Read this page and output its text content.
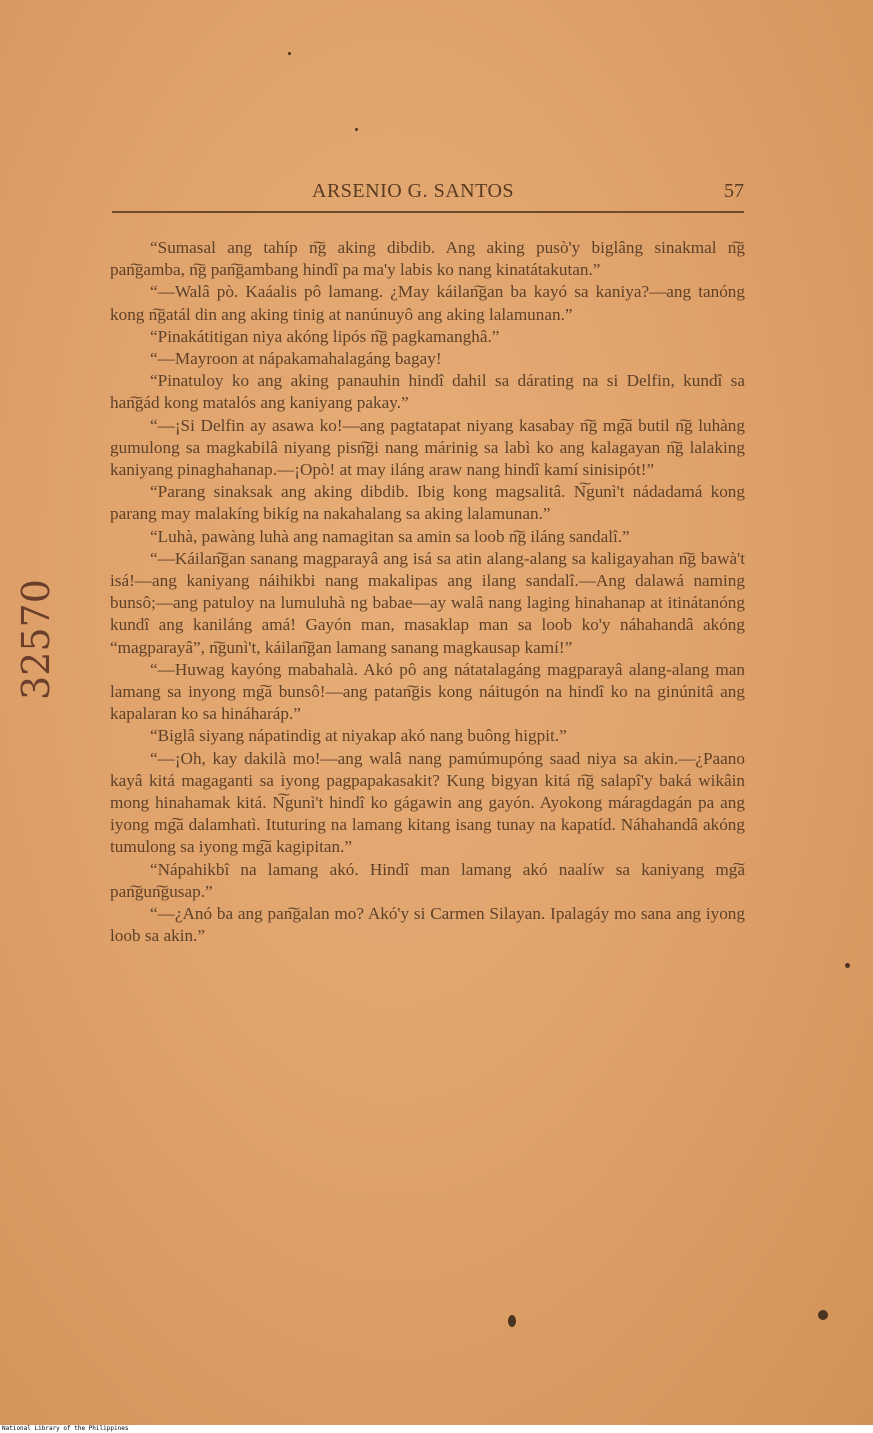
ARSENIO G. SANTOS	57
32570

“Sumasal ang tahíp n͠g aking dibdib. Ang aking pusò'y biglâng sinakmal n͠g pan͠gamba, n͠g pan͠gambang hindî pa ma'y labis ko nang kinatátakutan.”

“—Walâ pò. Kaáalis pô lamang. ¿May káilan͠gan ba kayó sa kaniya?—ang tanóng kong n͠gatál din ang aking tinig at nanúnuyô ang aking lalamunan.”

“Pinakátitigan niya akóng lipós n͠g pagkamanghâ.”

“—Mayroon at nápakamahalagáng bagay!

“Pinatuloy ko ang aking panauhin hindî dahil sa dárating na si Delfin, kundî sa han͠gád kong matalós ang kaniyang pakay.”

“—¡Si Delfin ay asawa ko!—ang pagtatapat niyang kasabay n͠g mg͠a butil n͠g luhàng gumulong sa magkabilâ niyang pisn͠gi nang márinig sa labì ko ang kalagayan n͠g lalaking kaniyang pinaghahanap.—¡Opò! at may iláng araw nang hindî kamí sinisipót!”

“Parang sinaksak ang aking dibdib. Ibig kong magsalitâ. N͠gunì't nádadamá kong parang may malakíng bikíg na nakahalang sa aking lalamunan.”

“Luhà, pawàng luhà ang namagitan sa amin sa loob n͠g iláng sandalî.”

“—Káilan͠gan sanang magparayâ ang isá sa atin alang-alang sa kaligayahan n͠g bawà't isá!—ang kaniyang náihikbi nang makalipas ang ilang sandalî.—Ang dalawá naming bunsô;—ang patuloy na lumuluhà ng babae—ay walâ nang laging hinahanap at itinátanóng kundî ang kaniláng amá! Gayón man, masaklap man sa loob ko'y náhahandâ akóng “magparayâ”, n͠gunì't, káilan͠gan lamang sanang magkausap kamí!”

“—Huwag kayóng mabahalà. Akó pô ang nátatalagáng magparayâ alang-alang man lamang sa inyong mg͠a bunsô!—ang patan͠gis kong náitugón na hindî ko na ginúnitâ ang kapalaran ko sa hináharáp.”

“Biglâ siyang nápatindig at niyakap akó nang buông higpit.”

“—¡Oh, kay dakilà mo!—ang walâ nang pamúmupóng saad niya sa akin.—¿Paano kayâ kitá magaganti sa iyong pagpapakasakit? Kung bigyan kitá n͠g salapî'y baká wikâin mong hinahamak kitá. N͠gunì't hindî ko gágawin ang gayón. Ayokong máragdagán pa ang iyong mg͠a dalamhatì. Ituturing na lamang kitang isang tunay na kapatíd. Náhahandâ akóng tumulong sa iyong mg͠a kagipitan.”

“Nápahikbî na lamang akó. Hindî man lamang akó naalíw sa kaniyang mg͠a pan͠gun͠gusap.”

“—¿Anó ba ang pan͠galan mo? Akó'y si Carmen Silayan. Ipalagáy mo sana ang iyong loob sa akin.”

National Library of the Philippines
